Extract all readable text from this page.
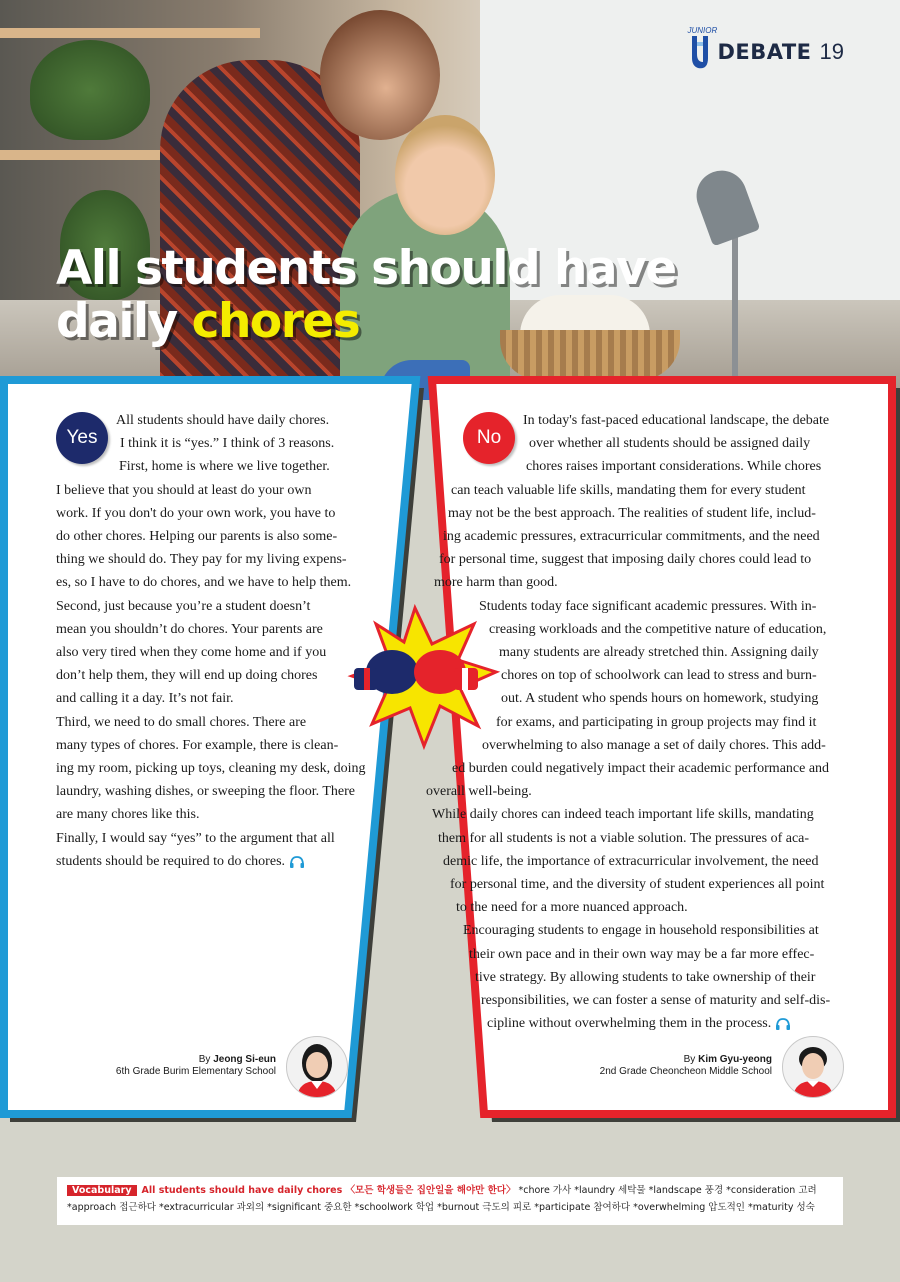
JUNIOR
DEBATE 19
All students should have
daily chores
Yes
All students should have daily chores.
I think it is “yes.” I think of 3 reasons.
First, home is where we live together.
I believe that you should at least do your own
work. If you don't do your own work, you have to
do other chores. Helping our parents is also some-
thing we should do. They pay for my living expens-
es, so I have to do chores, and we have to help them.
Second, just because you’re a student doesn’t
mean you shouldn’t do chores. Your parents are
also very tired when they come home and if you
don’t help them, they will end up doing chores
and calling it a day. It’s not fair.
Third, we need to do small chores. There are
many types of chores. For example, there is clean-
ing my room, picking up toys, cleaning my desk, doing
laundry, washing dishes, or sweeping the floor. There
are many chores like this.
Finally, I would say “yes” to the argument that all
students should be required to do chores.
By Jeong Si-eun
6th Grade Burim Elementary School
No
In today's fast-paced educational landscape, the debate
over whether all students should be assigned daily
chores raises important considerations. While chores
can teach valuable life skills, mandating them for every student
may not be the best approach. The realities of student life, includ-
ing academic pressures, extracurricular commitments, and the need
for personal time, suggest that imposing daily chores could lead to
more harm than good.
Students today face significant academic pressures. With in-
creasing workloads and the competitive nature of education,
many students are already stretched thin. Assigning daily
chores on top of schoolwork can lead to stress and burn-
out. A student who spends hours on homework, studying
for exams, and participating in group projects may find it
overwhelming to also manage a set of daily chores. This add-
ed burden could negatively impact their academic performance and
overall well-being.
While daily chores can indeed teach important life skills, mandating
them for all students is not a viable solution. The pressures of aca-
demic life, the importance of extracurricular involvement, the need
for personal time, and the diversity of student experiences all point
to the need for a more nuanced approach.
Encouraging students to engage in household responsibilities at
their own pace and in their own way may be a far more effec-
tive strategy. By allowing students to take ownership of their
responsibilities, we can foster a sense of maturity and self-dis-
cipline without overwhelming them in the process.
By Kim Gyu-yeong
2nd Grade Cheoncheon Middle School
Vocabulary All students should have daily chores 〈모든 학생들은 집안일을 해야만 한다〉 *chore 가사 *laundry 세탁물 *landscape 풍경 *consideration 고려 *approach 접근하다 *extracurricular 과외의 *significant 중요한 *schoolwork 학업 *burnout 극도의 피로 *participate 참여하다 *overwhelming 압도적인 *maturity 성숙
